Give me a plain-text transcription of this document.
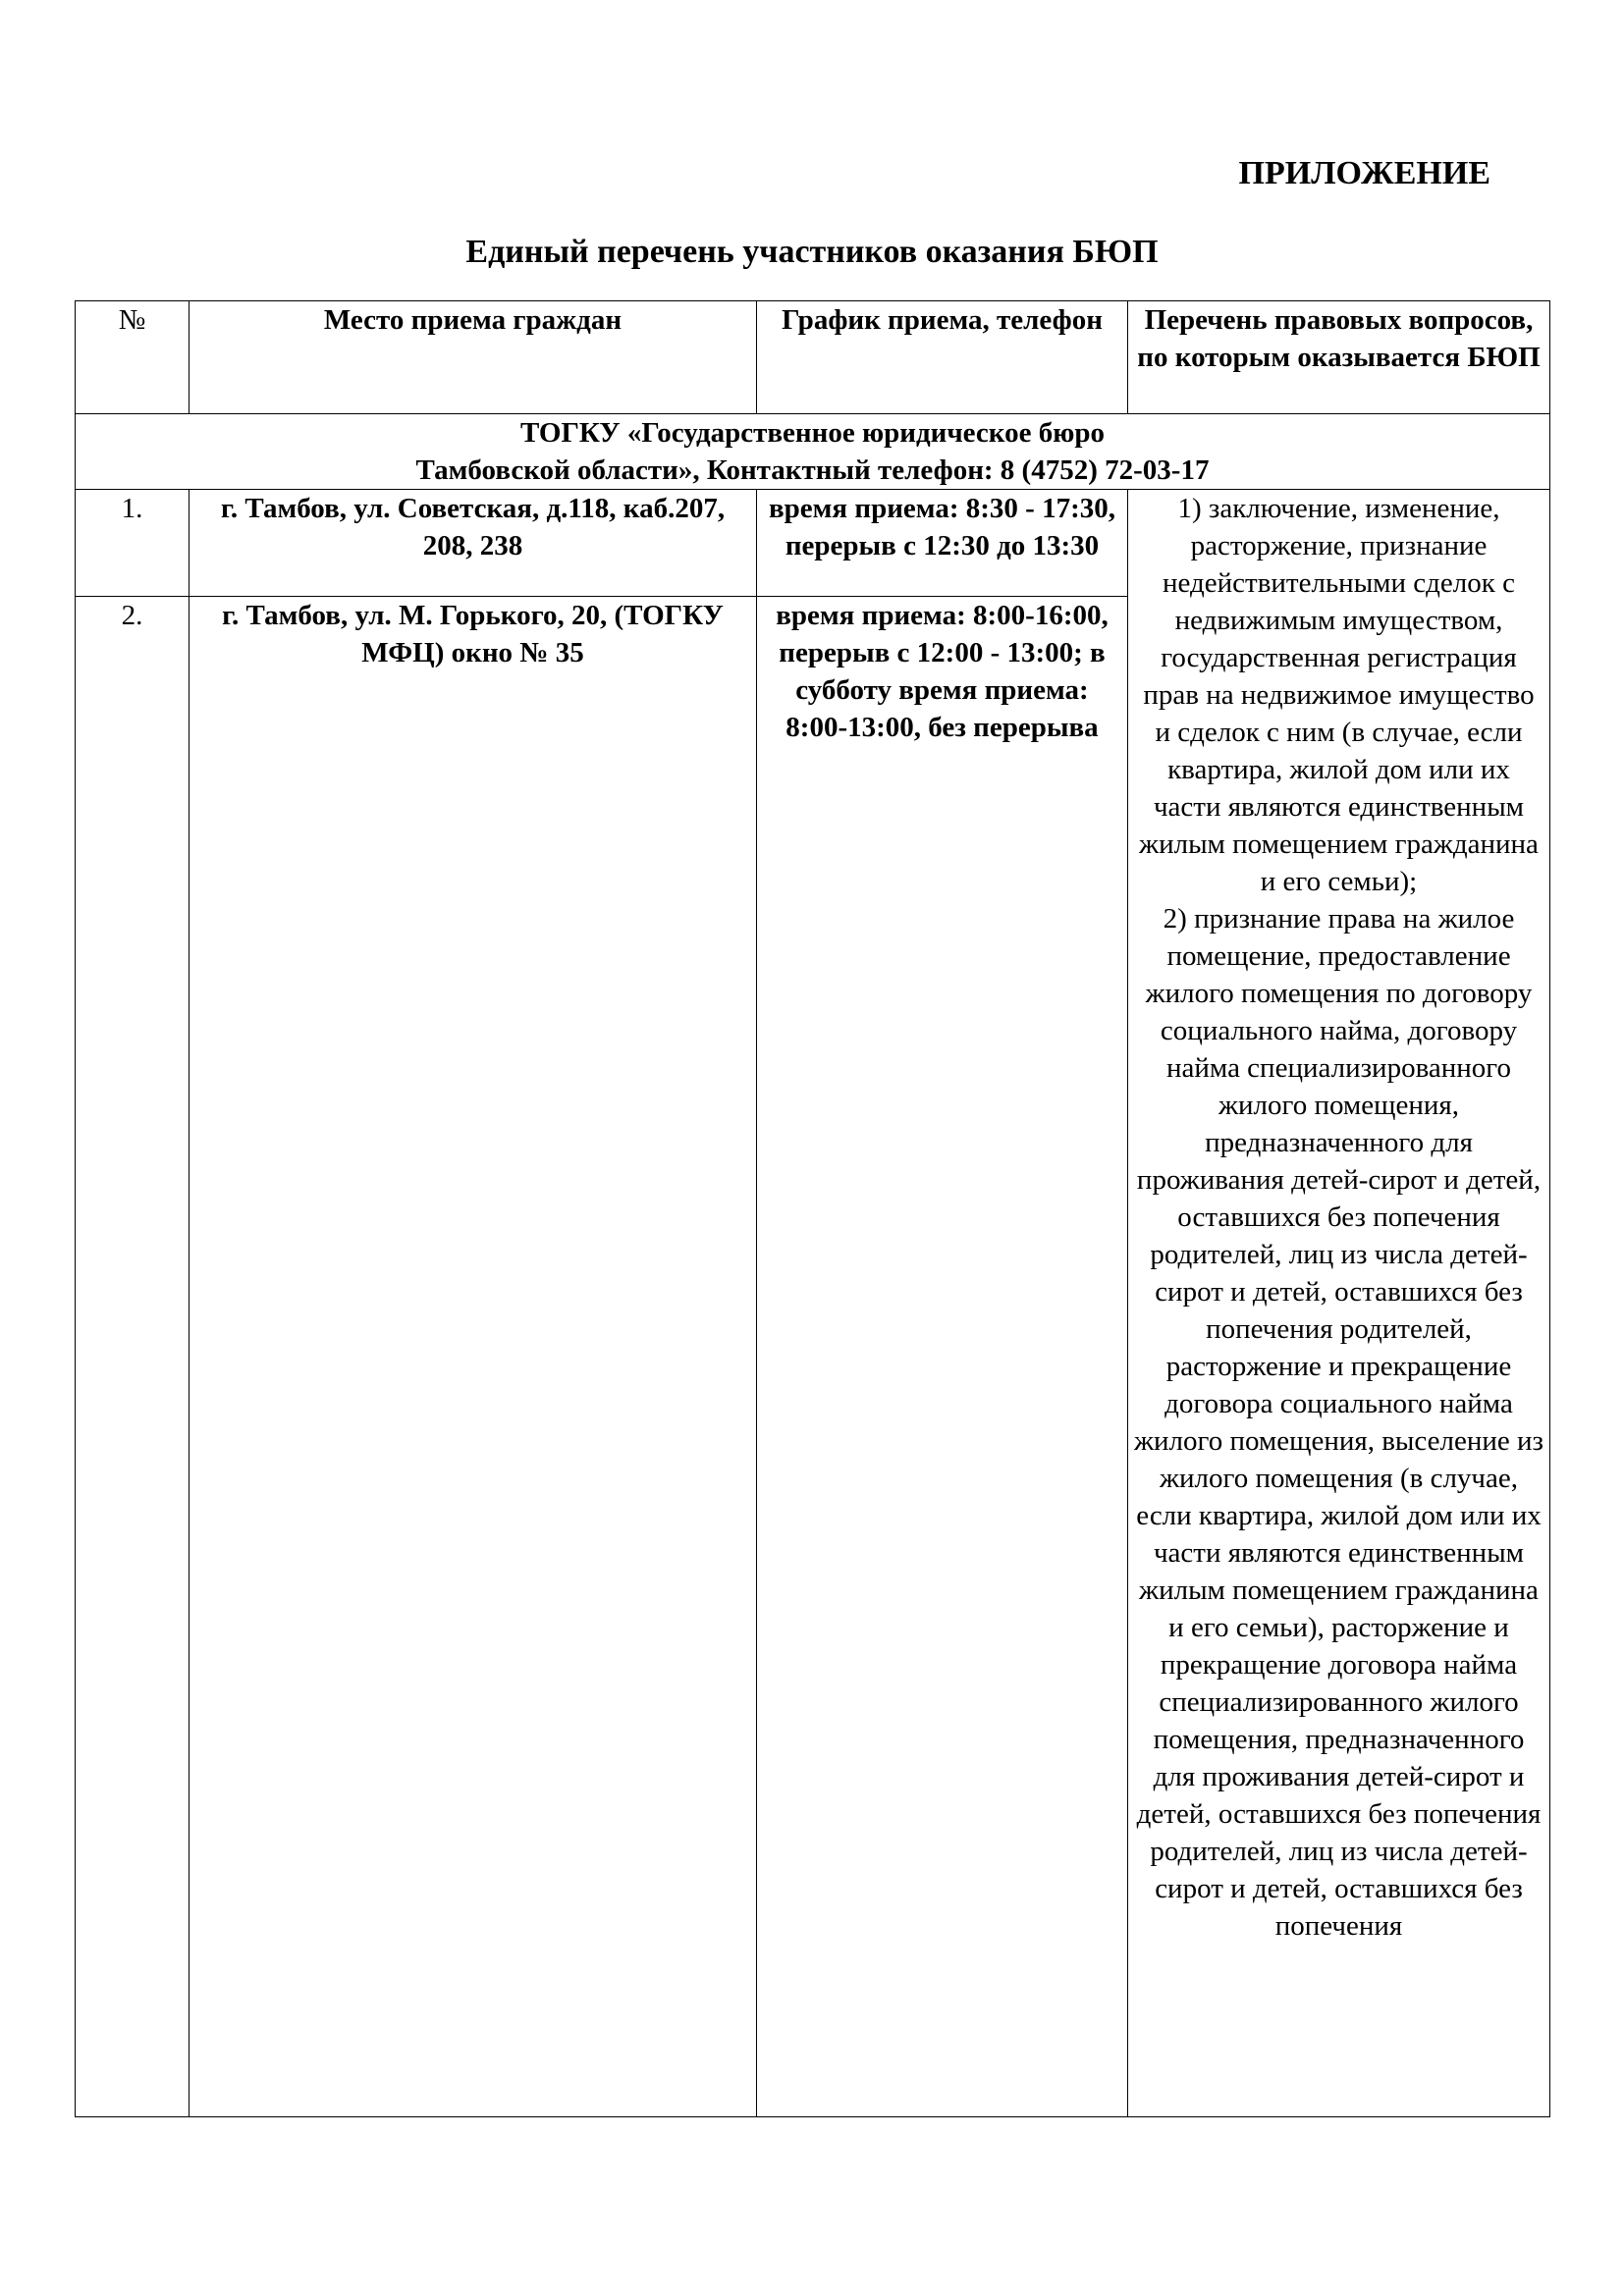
ПРИЛОЖЕНИЕ
Единый перечень участников оказания БЮП
№	Место приема граждан	График приема, телефон	Перечень правовых вопросов, по которым оказывается БЮП

ТОГКУ «Государственное юридическое бюро
Тамбовской области», Контактный телефон: 8 (4752) 72-03-17			

1.	г. Тамбов, ул. Советская, д.118, каб.207, 208, 238	время приема: 8:30 - 17:30, перерыв с 12:30 до 13:30	1) заключение, изменение, расторжение, признание недействительными сделок с недвижимым имуществом, государственная регистрация прав на недвижимое имущество и сделок с ним (в случае, если квартира, жилой дом или их части являются единственным жилым помещением гражданина и его семьи);
2) признание права на жилое помещение, предоставление жилого помещения по договору социального найма, договору найма специализированного жилого помещения, предназначенного для проживания детей-сирот и детей, оставшихся без попечения родителей, лиц из числа детей-сирот и детей, оставшихся без попечения родителей, расторжение и прекращение договора социального найма жилого помещения, выселение из жилого помещения (в случае, если квартира, жилой дом или их части являются единственным жилым помещением гражданина и его семьи), расторжение и прекращение договора найма специализированного жилого помещения, предназначенного для проживания детей-сирот и детей, оставшихся без попечения родителей, лиц из числа детей-сирот и детей, оставшихся без попечения

2.	г. Тамбов, ул. М. Горького, 20, (ТОГКУ МФЦ) окно № 35	время приема: 8:00-16:00, перерыв с 12:00 - 13:00; в субботу время приема: 8:00-13:00, без перерыва	
